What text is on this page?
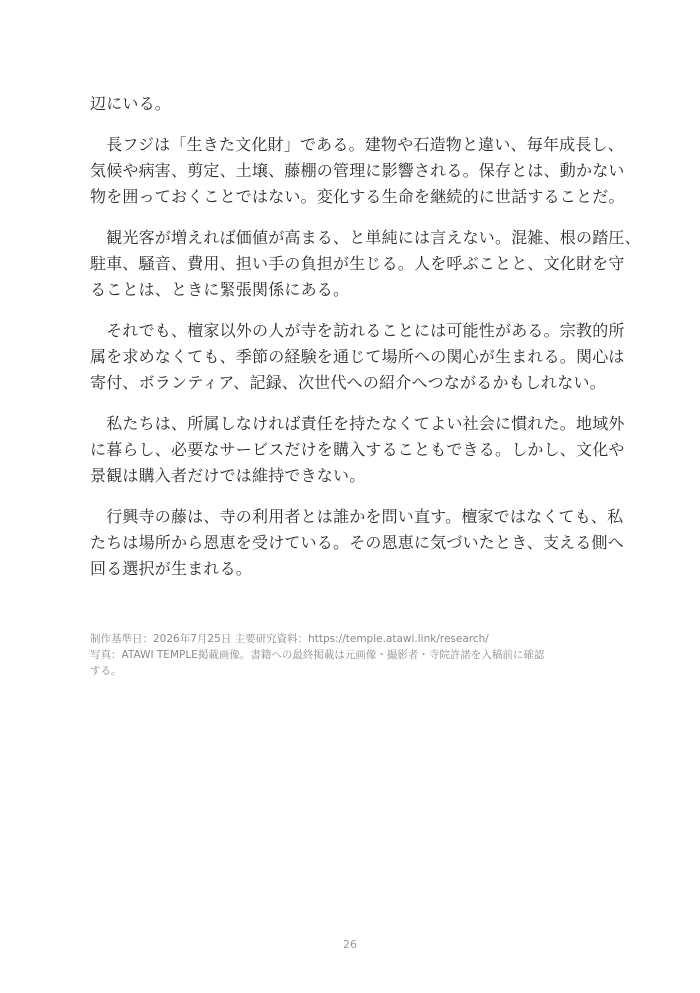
辺にいる。

　長フジは「生きた文化財」である。建物や石造物と違い、毎年成長し、
気候や病害、剪定、土壌、藤棚の管理に影響される。保存とは、動かない
物を囲っておくことではない。変化する生命を継続的に世話することだ。

　観光客が増えれば価値が高まる、と単純には言えない。混雑、根の踏圧、
駐車、騒音、費用、担い手の負担が生じる。人を呼ぶことと、文化財を守
ることは、ときに緊張関係にある。

　それでも、檀家以外の人が寺を訪れることには可能性がある。宗教的所
属を求めなくても、季節の経験を通じて場所への関心が生まれる。関心は
寄付、ボランティア、記録、次世代への紹介へつながるかもしれない。

　私たちは、所属しなければ責任を持たなくてよい社会に慣れた。地域外
に暮らし、必要なサービスだけを購入することもできる。しかし、文化や
景観は購入者だけでは維持できない。

　行興寺の藤は、寺の利用者とは誰かを問い直す。檀家ではなくても、私
たちは場所から恩恵を受けている。その恩恵に気づいたとき、支える側へ
回る選択が生まれる。

制作基準日：2026年7月25日 主要研究資料：https://temple.atawi.link/research/
写真：ATAWI TEMPLE掲載画像。書籍への最終掲載は元画像・撮影者・寺院許諾を入稿前に確認
する。
26
